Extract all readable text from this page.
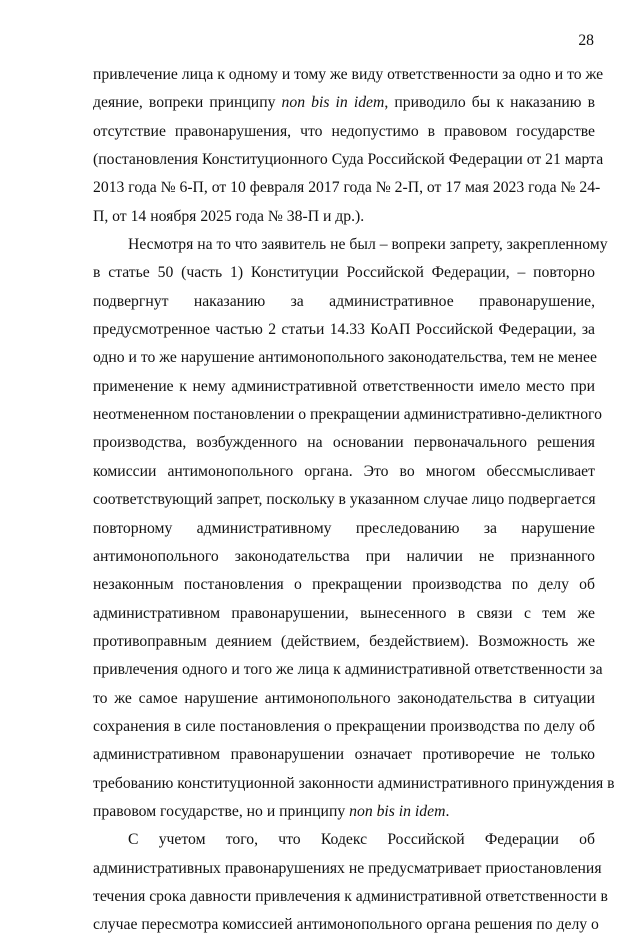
28
привлечение лица к одному и тому же виду ответственности за одно и то же
деяние, вопреки принципу non bis in idem, приводило бы к наказанию в
отсутствие правонарушения, что недопустимо в правовом государстве
(постановления Конституционного Суда Российской Федерации от 21 марта
2013 года № 6-П, от 10 февраля 2017 года № 2-П, от 17 мая 2023 года № 24-
П, от 14 ноября 2025 года № 38-П и др.).
Несмотря на то что заявитель не был – вопреки запрету, закрепленному
в статье 50 (часть 1) Конституции Российской Федерации, – повторно
подвергнут наказанию за административное правонарушение,
предусмотренное частью 2 статьи 14.33 КоАП Российской Федерации, за
одно и то же нарушение антимонопольного законодательства, тем не менее
применение к нему административной ответственности имело место при
неотмененном постановлении о прекращении административно-деликтного
производства, возбужденного на основании первоначального решения
комиссии антимонопольного органа. Это во многом обессмысливает
соответствующий запрет, поскольку в указанном случае лицо подвергается
повторному административному преследованию за нарушение
антимонопольного законодательства при наличии не признанного
незаконным постановления о прекращении производства по делу об
административном правонарушении, вынесенного в связи с тем же
противоправным деянием (действием, бездействием). Возможность же
привлечения одного и того же лица к административной ответственности за
то же самое нарушение антимонопольного законодательства в ситуации
сохранения в силе постановления о прекращении производства по делу об
административном правонарушении означает противоречие не только
требованию конституционной законности административного принуждения в
правовом государстве, но и принципу non bis in idem.
С учетом того, что Кодекс Российской Федерации об
административных правонарушениях не предусматривает приостановления
течения срока давности привлечения к административной ответственности в
случае пересмотра комиссией антимонопольного органа решения по делу о
